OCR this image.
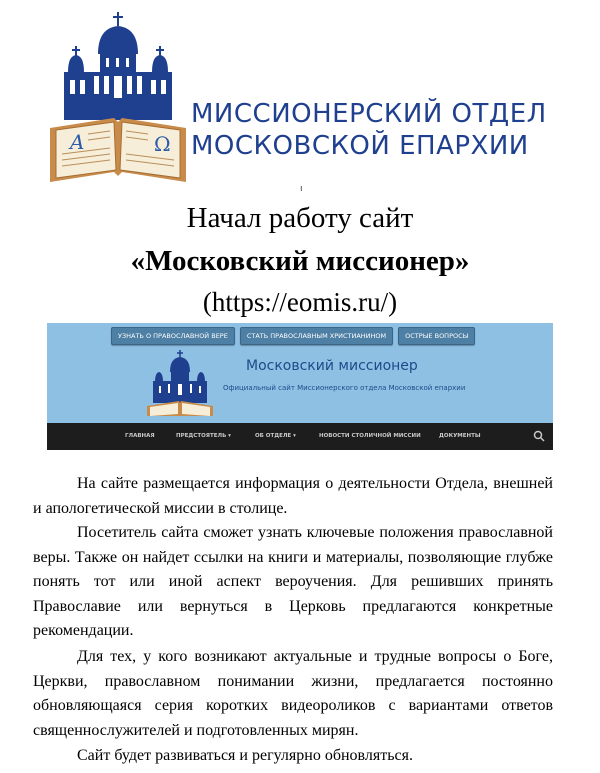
A	Ω
МИССИОНЕРСКИЙ ОТДЕЛ
МОСКОВСКОЙ ЕПАРХИИ
ı
Начал работу сайт
«Московский миссионер»
(https://eomis.ru/)
УЗНАТЬ О ПРАВОСЛАВНОЙ ВЕРЕ	СТАТЬ ПРАВОСЛАВНЫМ ХРИСТИАНИНОМ	ОСТРЫЕ ВОПРОСЫ
Московский миссионер
Официальный сайт Миссионерского отдела Московской епархии
ГЛАВНАЯ	ПРЕДСТОЯТЕЛЬ ▾	ОБ ОТДЕЛЕ ▾	НОВОСТИ СТОЛИЧНОЙ МИССИИ	ДОКУМЕНТЫ
На сайте размещается информация о деятельности Отдела, внешней и апологетической миссии в столице.
Посетитель сайта сможет узнать ключевые положения православной веры. Также он найдет ссылки на книги и материалы, позволяющие глубже понять тот или иной аспект вероучения. Для решивших принять Православие или вернуться в Церковь предлагаются конкретные рекомендации.
Для тех, у кого возникают актуальные и трудные вопросы о Боге, Церкви, православном понимании жизни, предлагается постоянно обновляющаяся серия коротких видеороликов с вариантами ответов священнослужителей и подготовленных мирян.
Сайт будет развиваться и регулярно обновляться.
